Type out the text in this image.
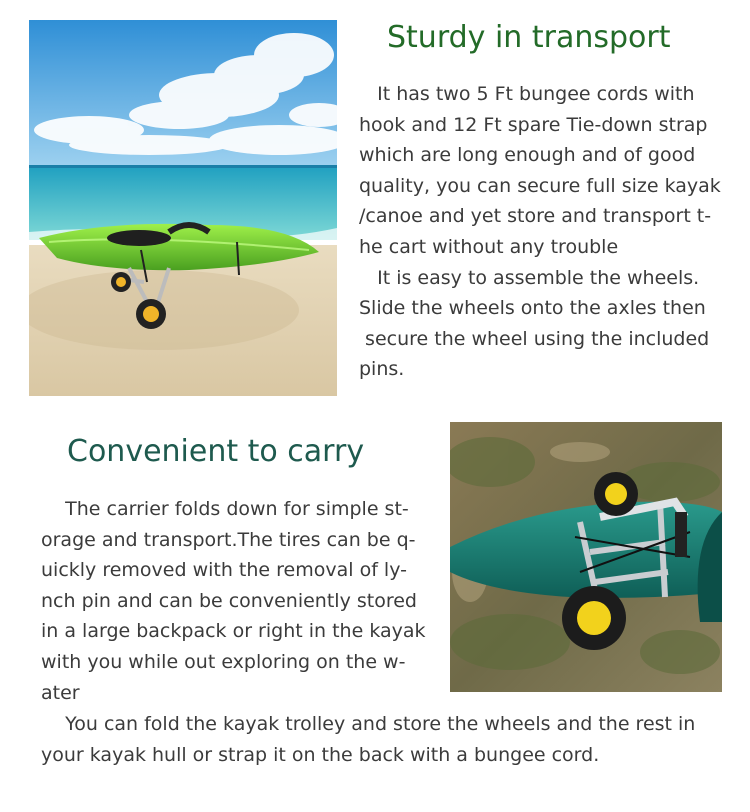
Sturdy in transport
It has two 5 Ft bungee cords with
hook and 12 Ft spare Tie-down strap
which are long enough and of good
quality, you can secure full size kayak
/canoe and yet store and transport t-
he cart without any trouble
It is easy to assemble the wheels.
Slide the wheels onto the axles then
secure the wheel using the included
pins.
Convenient to carry
The carrier folds down for simple st-
orage and transport.The tires can be q-
uickly removed with the removal of ly-
nch pin and can be conveniently stored
in a large backpack or right in the kayak
with you while out exploring on the w-
ater
You can fold the kayak trolley and store the wheels and the rest in
your kayak hull or strap it on the back with a bungee cord.
